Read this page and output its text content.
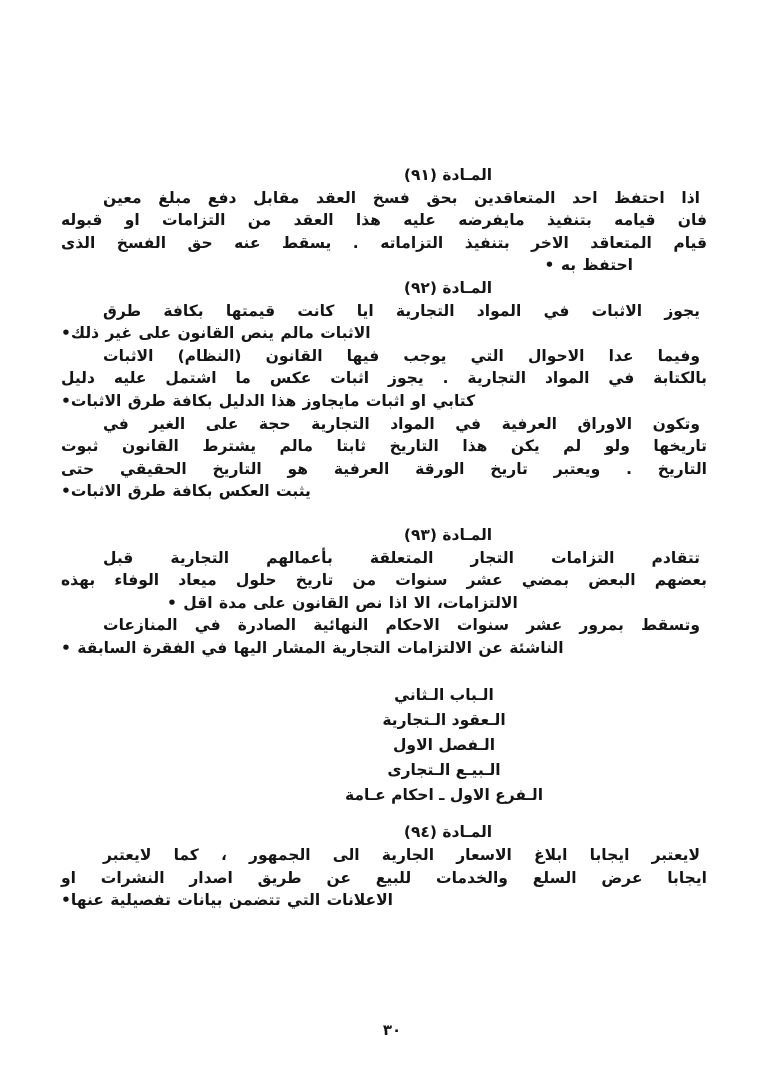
المـادة (٩١)
اذا احتفظ احد المتعاقدين بحق فسخ العقد مقابل دفع مبلغ معين
فان قيامه بتنفيذ مايفرضه عليه هذا العقد من التزامات او قبوله
قيام المتعاقد الاخر بتنفيذ التزاماته . يسقط عنه حق الفسخ الذى
احتفظ به •
المـادة (٩٢)
يجوز الاثبات في المواد التجارية ايا كانت قيمتها بكافة طرق
الاثبات مالم ينص القانون على غير ذلك•
وفيما عدا الاحوال التي يوجب فيها القانون (النظام) الاثبات
بالكتابة في المواد التجارية . يجوز اثبات عكس ما اشتمل عليه دليل
كتابي او اثبات مايجاوز هذا الدليل بكافة طرق الاثبات•
وتكون الاوراق العرفية في المواد التجارية حجة على الغير في
تاريخها ولو لم يكن هذا التاريخ ثابتا مالم يشترط القانون ثبوت
التاريخ . ويعتبر تاريخ الورقة العرفية هو التاريخ الحقيقي حتى
يثبت العكس بكافة طرق الاثبات•
المـادة (٩٣)
تتقادم التزامات التجار المتعلقة بأعمالهم التجارية قبل
بعضهم البعض بمضي عشر سنوات من تاريخ حلول ميعاد الوفاء بهذه
الالتزامات، الا اذا نص القانون على مدة اقل •
وتسقط بمرور عشر سنوات الاحكام النهائية الصادرة في المنازعات
الناشئة عن الالتزامات التجارية المشار اليها في الفقرة السابقة •
الـباب الـثاني
الـعقود الـتجارية
الـفصل الاول
الـبيـع الـتجارى
الـفرع الاول ـ احكام عـامة
المـادة (٩٤)
لايعتبر ايجابا ابلاغ الاسعار الجارية الى الجمهور ، كما لايعتبر
ايجابا عرض السلع والخدمات للبيع عن طريق اصدار النشرات او
الاعلانات التي تتضمن بيانات تفصيلية عنها•
٣٠
